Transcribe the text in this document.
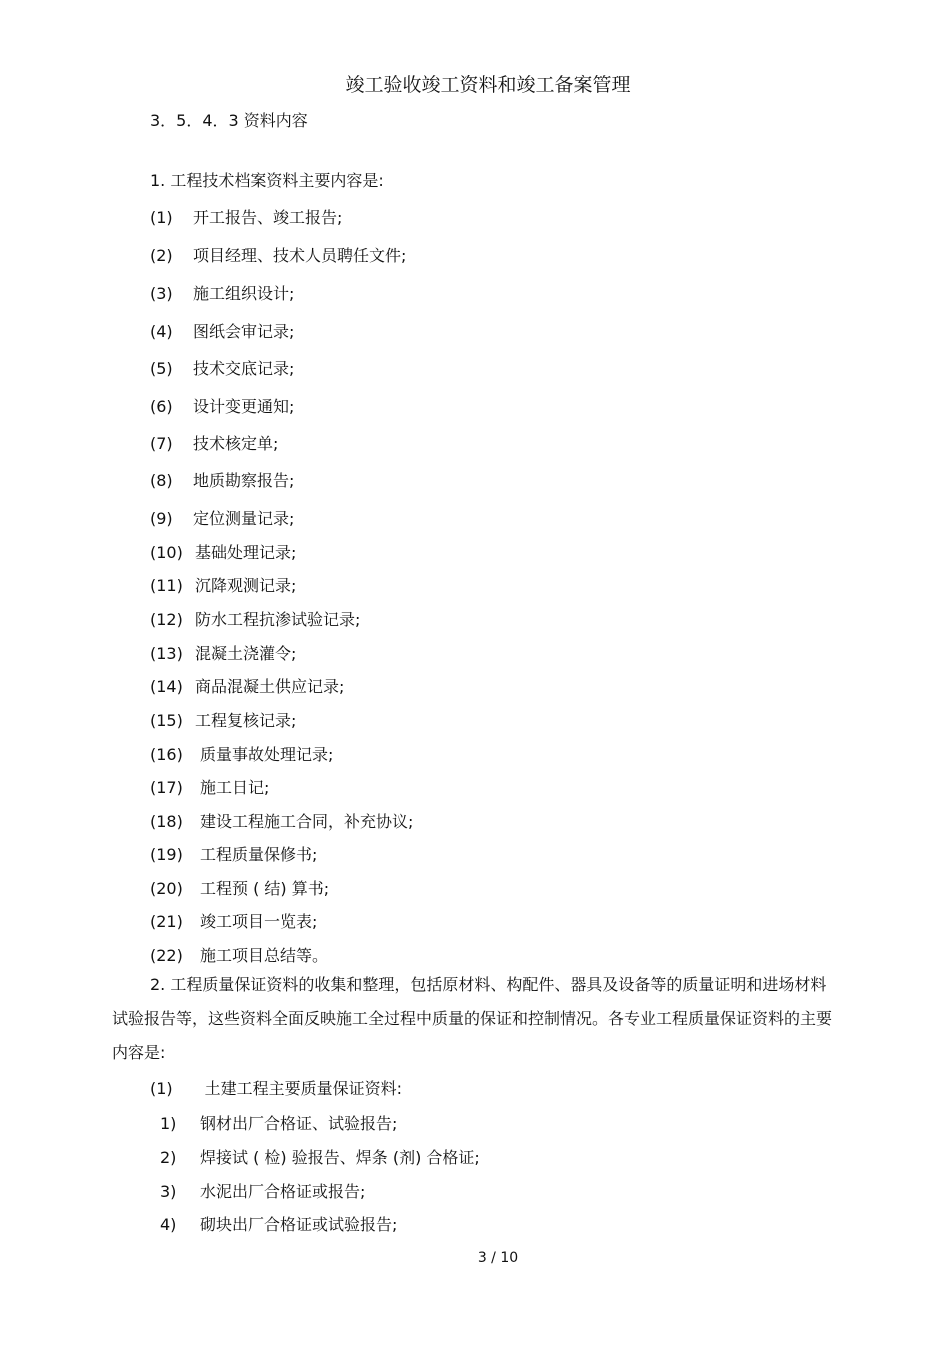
竣工验收竣工资料和竣工备案管理
3．5．4．3 资料内容
1. 工程技术档案资料主要内容是:
(1) 开工报告、竣工报告;
(2) 项目经理、技术人员聘任文件;
(3) 施工组织设计;
(4) 图纸会审记录;
(5) 技术交底记录;
(6) 设计变更通知;
(7) 技术核定单;
(8) 地质勘察报告;
(9) 定位测量记录;
(10) 基础处理记录;
(11) 沉降观测记录;
(12) 防水工程抗渗试验记录;
(13) 混凝土浇灌令;
(14) 商品混凝土供应记录;
(15) 工程复核记录;
(16) 质量事故处理记录;
(17) 施工日记;
(18) 建设工程施工合同，补充协议;
(19) 工程质量保修书;
(20) 工程预 ( 结) 算书;
(21) 竣工项目一览表;
(22) 施工项目总结等。
2. 工程质量保证资料的收集和整理，包括原材料、构配件、器具及设备等的质量证明和进场材料试验报告等，这些资料全面反映施工全过程中质量的保证和控制情况。各专业工程质量保证资料的主要内容是:
(1) 土建工程主要质量保证资料:
1) 钢材出厂合格证、试验报告;
2) 焊接试 ( 检) 验报告、焊条 (剂) 合格证;
3) 水泥出厂合格证或报告;
4) 砌块出厂合格证或试验报告;
3 / 10
